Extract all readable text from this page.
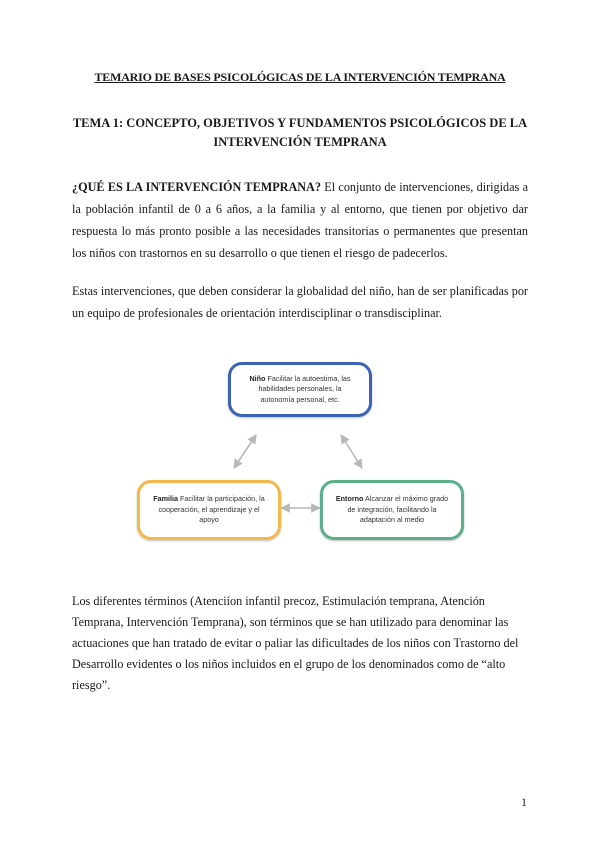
TEMARIO DE BASES PSICOLÓGICAS DE LA INTERVENCIÓN TEMPRANA
TEMA 1: CONCEPTO, OBJETIVOS Y FUNDAMENTOS PSICOLÓGICOS DE LA
INTERVENCIÓN TEMPRANA
¿QUÉ ES LA INTERVENCIÓN TEMPRANA? El conjunto de intervenciones, dirigidas a la población infantil de 0 a 6 años, a la familia y al entorno, que tienen por objetivo dar respuesta lo más pronto posible a las necesidades transitorias o permanentes que presentan los niños con trastornos en su desarrollo o que tienen el riesgo de padecerlos.
Estas intervenciones, que deben considerar la globalidad del niño, han de ser planificadas por un equipo de profesionales de orientación interdisciplinar o transdisciplinar.
Niño Facilitar la autoestima, las habilidades personales, la autonomía personal, etc.
Familia Facilitar la participación, la cooperación, el aprendizaje y el apoyo
Entorno Alcanzar el máximo grado de integración, facilitando la adaptación al medio
Los diferentes términos (Atenciíon infantil precoz, Estimulación temprana, Atención Temprana, Intervención Temprana), son términos que se han utilizado para denominar las actuaciones que han tratado de evitar o paliar las dificultades de los niños con Trastorno del Desarrollo evidentes o los niños incluidos en el grupo de los denominados como de “alto riesgo”.
1
